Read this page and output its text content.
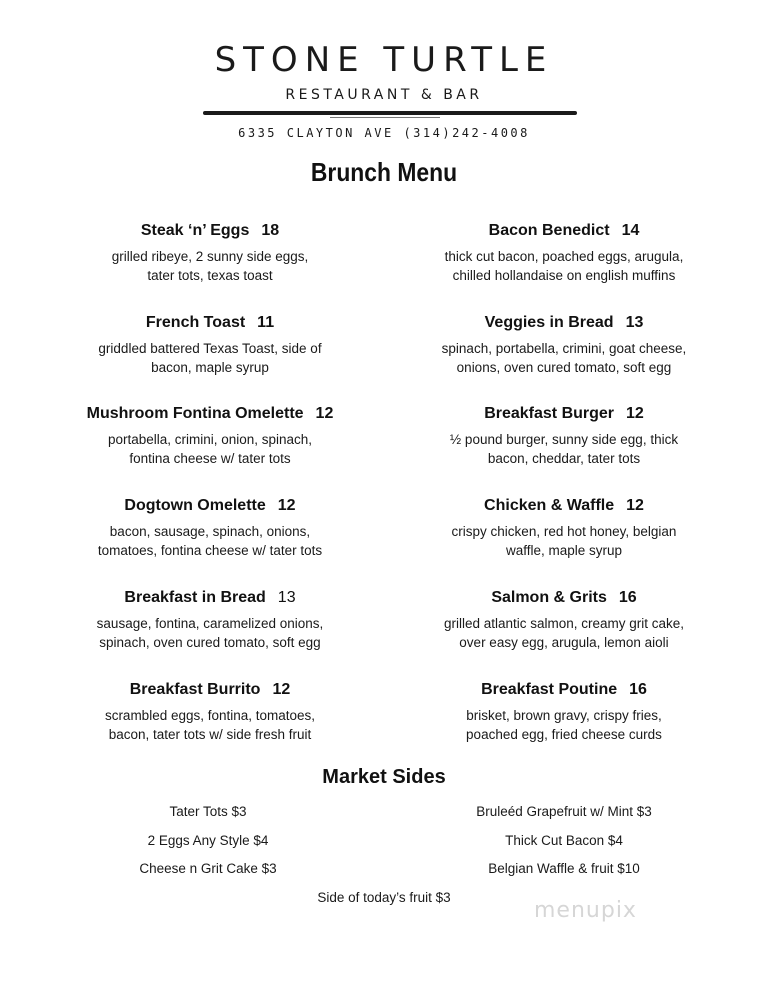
STONE TURTLE
RESTAURANT & BAR
6335 CLAYTON AVE (314)242-4008
Brunch Menu
Steak ‘n’ Eggs 18
grilled ribeye, 2 sunny side eggs,
tater tots, texas toast
Bacon Benedict 14
thick cut bacon, poached eggs, arugula,
chilled hollandaise on english muffins
French Toast 11
griddled battered Texas Toast, side of
bacon, maple syrup
Veggies in Bread 13
spinach, portabella, crimini, goat cheese,
onions, oven cured tomato, soft egg
Mushroom Fontina Omelette 12
portabella, crimini, onion, spinach,
fontina cheese w/ tater tots
Breakfast Burger 12
½ pound burger, sunny side egg, thick
bacon, cheddar, tater tots
Dogtown Omelette 12
bacon, sausage, spinach, onions,
tomatoes, fontina cheese w/ tater tots
Chicken & Waffle 12
crispy chicken, red hot honey, belgian
waffle, maple syrup
Breakfast in Bread 13
sausage, fontina, caramelized onions,
spinach, oven cured tomato, soft egg
Salmon & Grits 16
grilled atlantic salmon, creamy grit cake,
over easy egg, arugula, lemon aioli
Breakfast Burrito 12
scrambled eggs, fontina, tomatoes,
bacon, tater tots w/ side fresh fruit
Breakfast Poutine 16
brisket, brown gravy, crispy fries,
poached egg, fried cheese curds
Market Sides
Tater Tots $3	Bruleéd Grapefruit w/ Mint $3
2 Eggs Any Style $4	Thick Cut Bacon $4
Cheese n Grit Cake $3	Belgian Waffle & fruit $10
Side of today’s fruit $3
menupix
